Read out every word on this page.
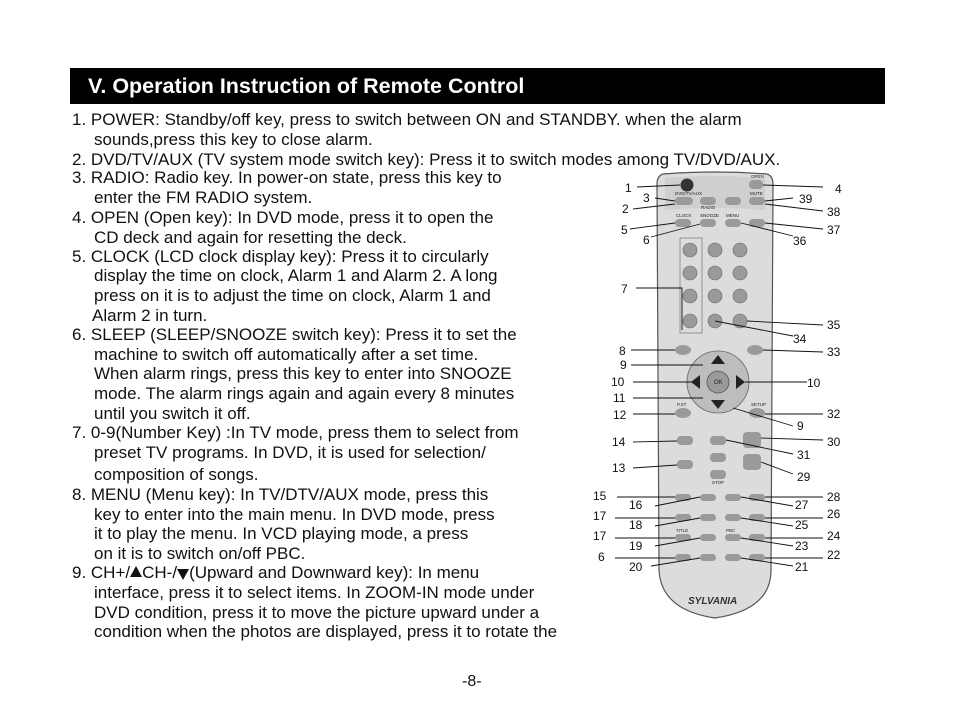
V. Operation Instruction of Remote Control
1. POWER: Standby/off key, press to switch between ON and STANDBY. when the alarm
sounds,press this key to close alarm.
2. DVD/TV/AUX (TV system mode switch key): Press it to switch modes among TV/DVD/AUX.
3. RADIO: Radio key. In power-on state, press this key to
enter the FM RADIO system.
4. OPEN (Open key): In DVD mode, press it to open the
CD deck and again for resetting the deck.
5. CLOCK (LCD clock display key): Press it to circularly
display the time on clock, Alarm 1 and Alarm 2. A long
press on it is to adjust the time on clock, Alarm 1 and
Alarm 2 in turn.
6. SLEEP (SLEEP/SNOOZE switch key): Press it to set the
machine to switch off automatically after a set time.
When alarm rings, press this key to enter into SNOOZE
mode. The alarm rings again and again every 8 minutes
until you switch it off.
7. 0-9(Number Key) :In TV mode, press them to select from
preset TV programs. In DVD, it is used for selection/
composition of songs.
8. MENU (Menu key): In TV/DTV/AUX mode, press this
key to enter into the main menu. In DVD mode, press
it to play the menu. In VCD playing mode, a press
on it is to switch on/off PBC.
9. CH+/ CH-/ (Upward and Downward key): In menu
interface, press it to select items. In ZOOM-IN mode under
DVD condition, press it to move the picture upward under a
condition when the photos are displayed, press it to rotate the
OPEN
DVD/TV/AUX
RADIO
MUTE
CLOCK SNOOZE MENU
OK
P.ST	SETUP
STOP
TITLE	PBC
SYLVANIA
1
3
2
5
6
7
8
9
10
11
12
14
13
15
16
17
18
17
19
6
20
4
39
38
37
36
35
34
33
10
32
9
30
31
29
28
27
26
25
24
23
22
21
-8-
